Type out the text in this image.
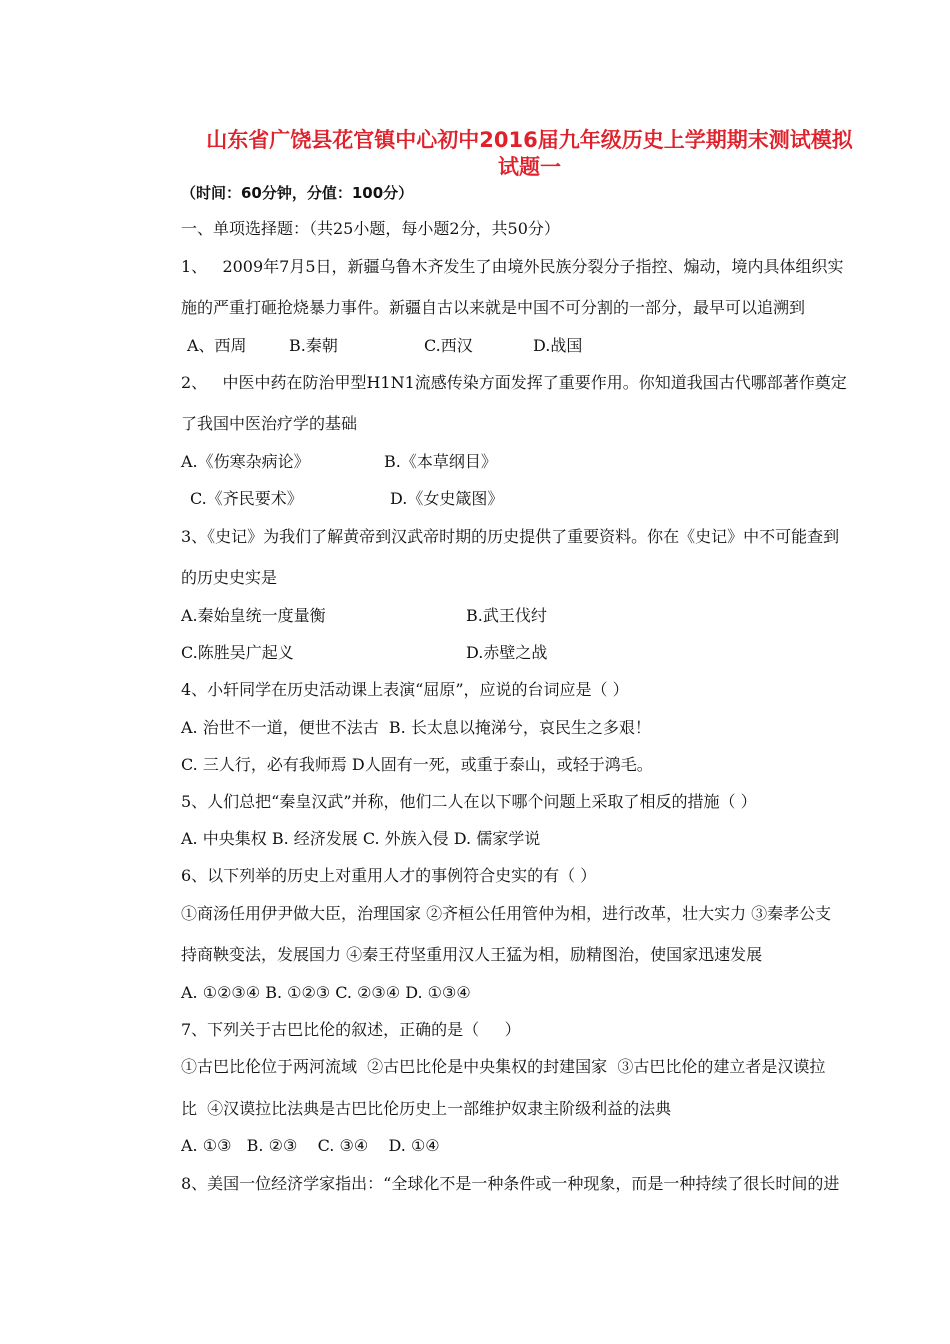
山东省广饶县花官镇中心初中2016届九年级历史上学期期末测试模拟
试题一
（时间：60分钟，分值：100分）
一、单项选择题：（共25小题，每小题2分，共50分）
1、   2009年7月5日，新疆乌鲁木齐发生了由境外民族分裂分子指控、煽动，境内具体组织实
施的严重打砸抢烧暴力事件。新疆自古以来就是中国不可分割的一部分，最早可以追溯到
A、西周	B.秦朝	C.西汉	D.战国
2、   中医中药在防治甲型H1N1流感传染方面发挥了重要作用。你知道我国古代哪部著作奠定
了我国中医治疗学的基础
A.《伤寒杂病论》	B.《本草纲目》
C.《齐民要术》	D.《女史箴图》
3、《史记》为我们了解黄帝到汉武帝时期的历史提供了重要资料。你在《史记》中不可能查到
的历史史实是
A.秦始皇统一度量衡	B.武王伐纣
C.陈胜吴广起义	D.赤壁之战
4、小轩同学在历史活动课上表演“屈原”，应说的台词应是（ ）
A. 治世不一道，便世不法古  B. 长太息以掩涕兮，哀民生之多艰！
C. 三人行，必有我师焉 D人固有一死，或重于泰山，或轻于鸿毛。
5、人们总把“秦皇汉武”并称，他们二人在以下哪个问题上采取了相反的措施（ ）
A. 中央集权 B. 经济发展 C. 外族入侵 D. 儒家学说
6、以下列举的历史上对重用人才的事例符合史实的有（ ）
①商汤任用伊尹做大臣，治理国家 ②齐桓公任用管仲为相，进行改革，壮大实力 ③秦孝公支
持商鞅变法，发展国力 ④秦王苻坚重用汉人王猛为相，励精图治，使国家迅速发展
A. ①②③④ B. ①②③ C. ②③④ D. ①③④
7、下列关于古巴比伦的叙述，正确的是（     ）
①古巴比伦位于两河流域  ②古巴比伦是中央集权的封建国家  ③古巴比伦的建立者是汉谟拉
比  ④汉谟拉比法典是古巴比伦历史上一部维护奴隶主阶级利益的法典
A. ①③   B. ②③    C. ③④    D. ①④
8、美国一位经济学家指出：“全球化不是一种条件或一种现象，而是一种持续了很长时间的进
